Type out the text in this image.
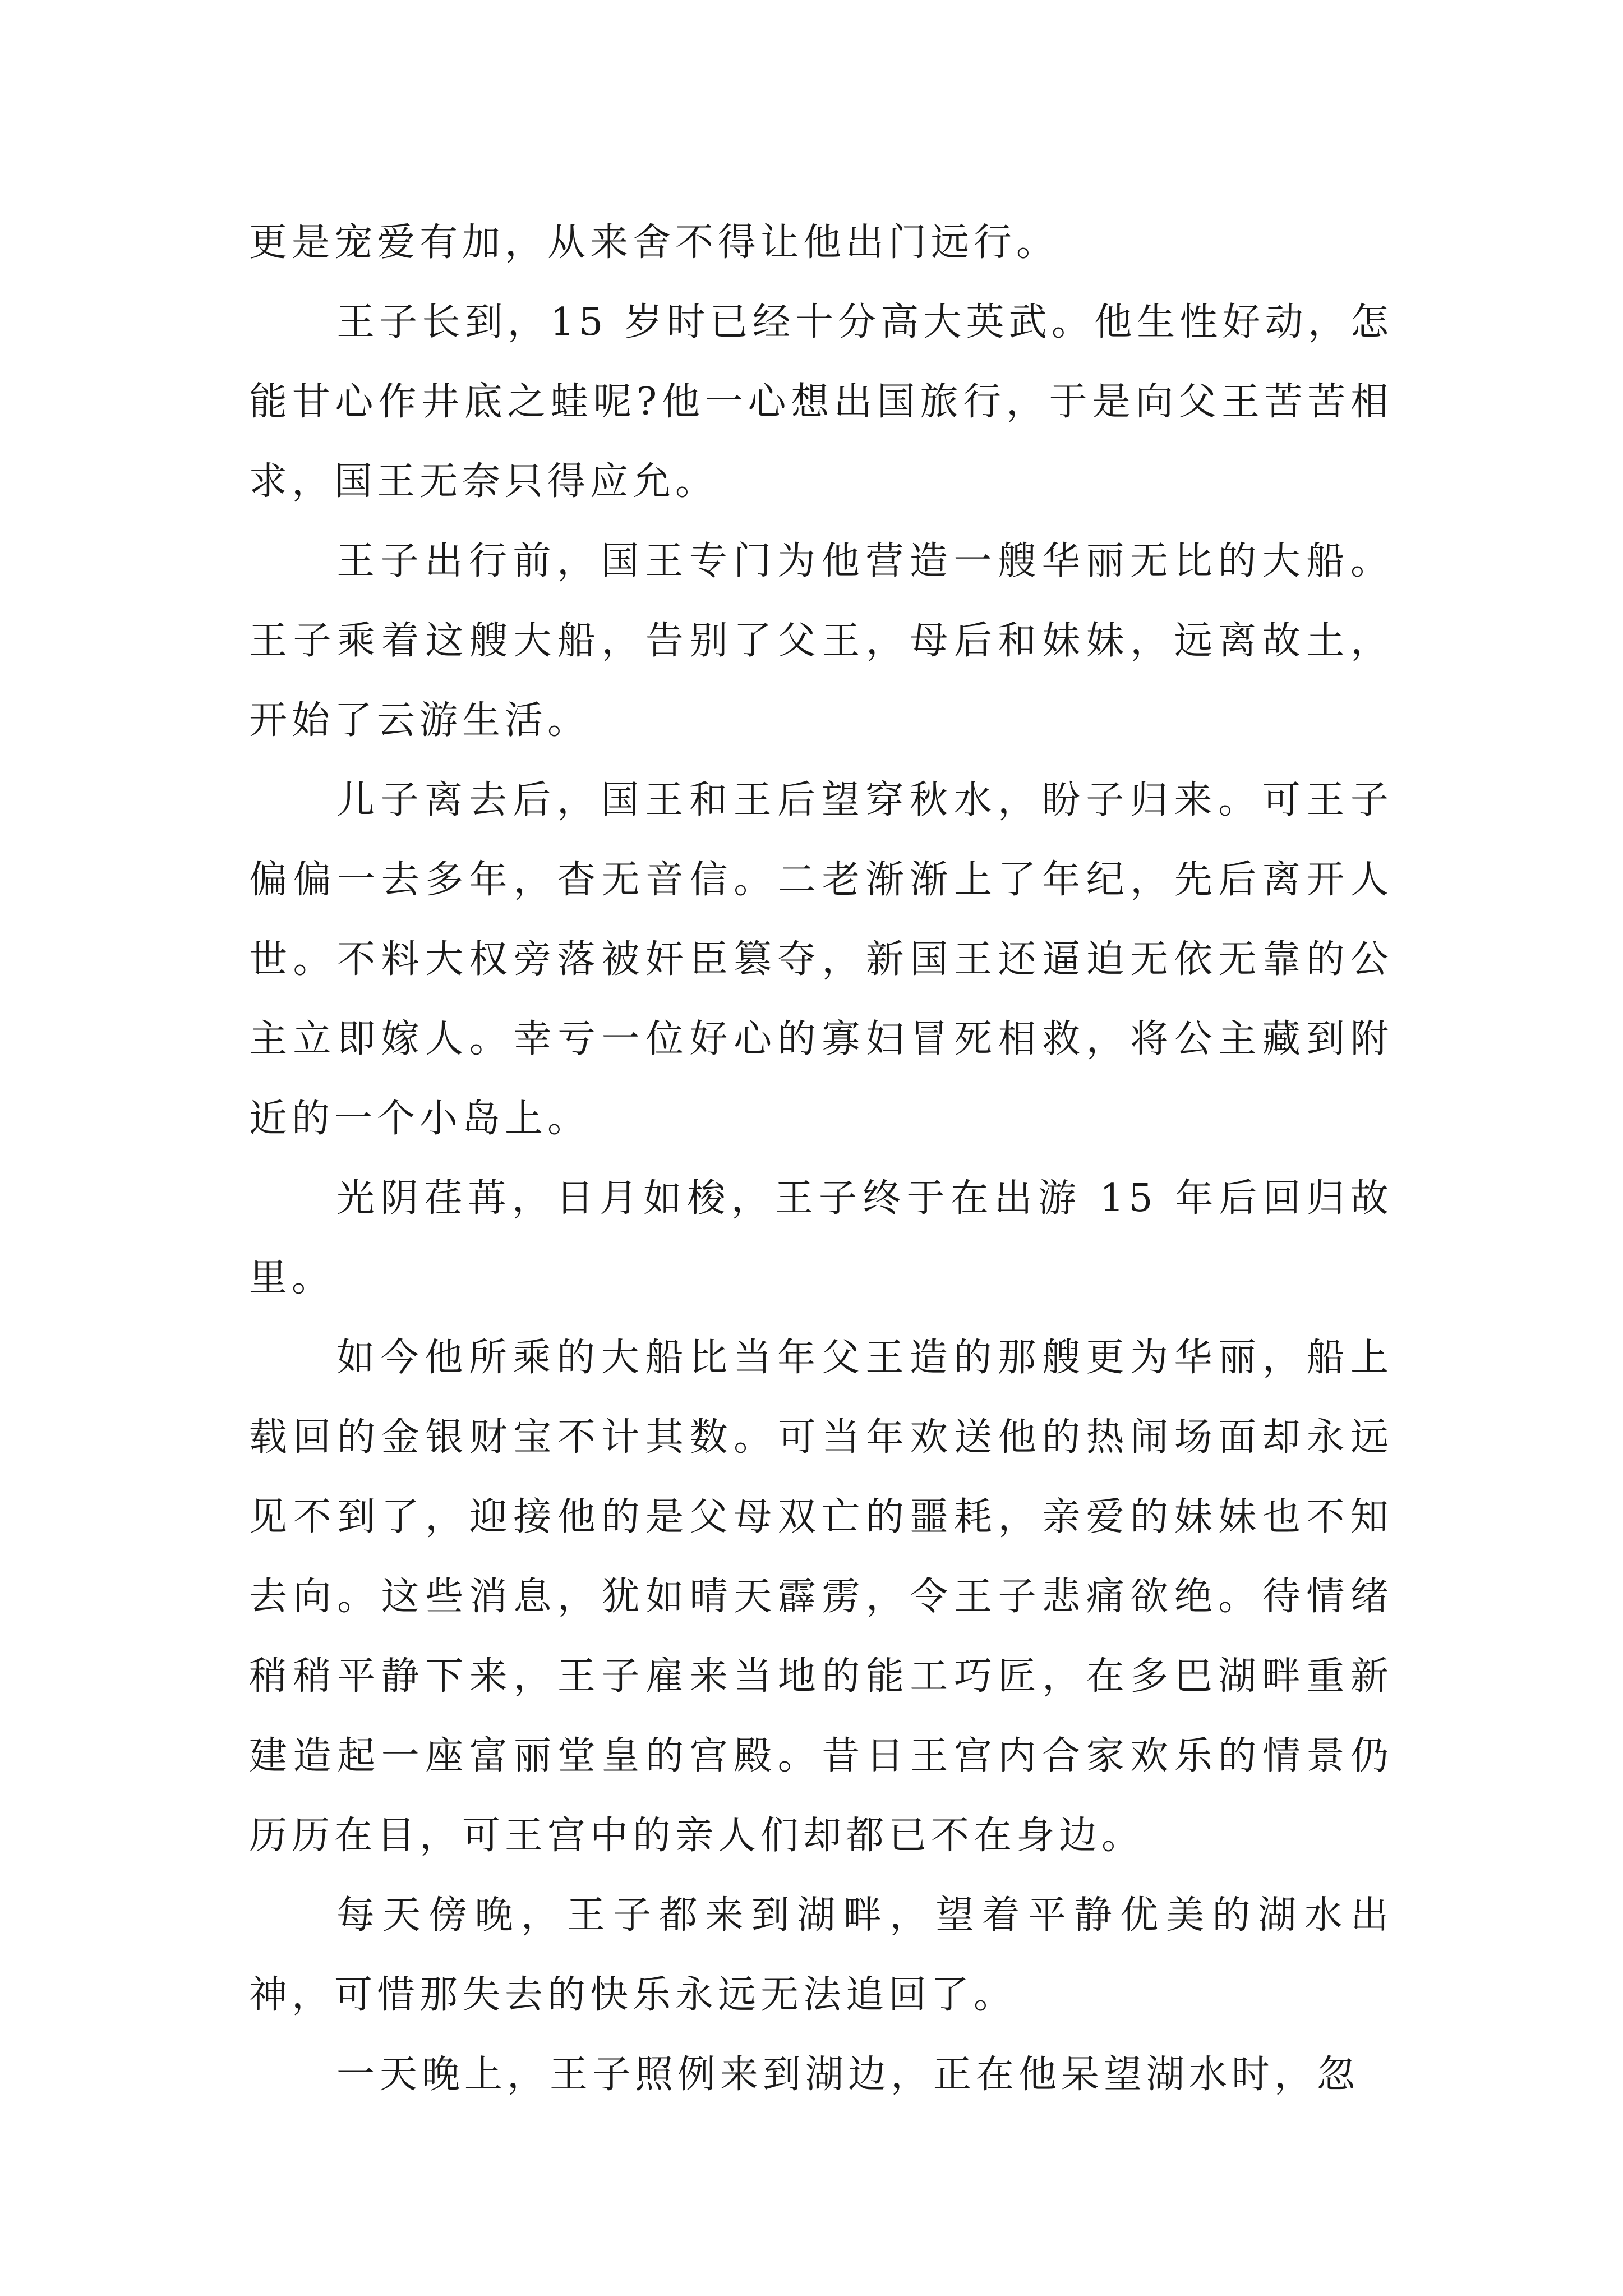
更是宠爱有加，从来舍不得让他出门远行。

王子长到，15 岁时已经十分高大英武。他生性好动，怎能甘心作井底之蛙呢?他一心想出国旅行，于是向父王苦苦相求，国王无奈只得应允。

王子出行前，国王专门为他营造一艘华丽无比的大船。王子乘着这艘大船，告别了父王，母后和妹妹，远离故土，开始了云游生活。

儿子离去后，国王和王后望穿秋水，盼子归来。可王子偏偏一去多年，杳无音信。二老渐渐上了年纪，先后离开人世。不料大权旁落被奸臣篡夺，新国王还逼迫无依无靠的公主立即嫁人。幸亏一位好心的寡妇冒死相救，将公主藏到附近的一个小岛上。

光阴荏苒，日月如梭，王子终于在出游 15 年后回归故里。

如今他所乘的大船比当年父王造的那艘更为华丽，船上载回的金银财宝不计其数。可当年欢送他的热闹场面却永远见不到了，迎接他的是父母双亡的噩耗，亲爱的妹妹也不知去向。这些消息，犹如晴天霹雳，令王子悲痛欲绝。待情绪稍稍平静下来，王子雇来当地的能工巧匠，在多巴湖畔重新建造起一座富丽堂皇的宫殿。昔日王宫内合家欢乐的情景仍历历在目，可王宫中的亲人们却都已不在身边。

每天傍晚，王子都来到湖畔，望着平静优美的湖水出神，可惜那失去的快乐永远无法追回了。

一天晚上，王子照例来到湖边，正在他呆望湖水时，忽
